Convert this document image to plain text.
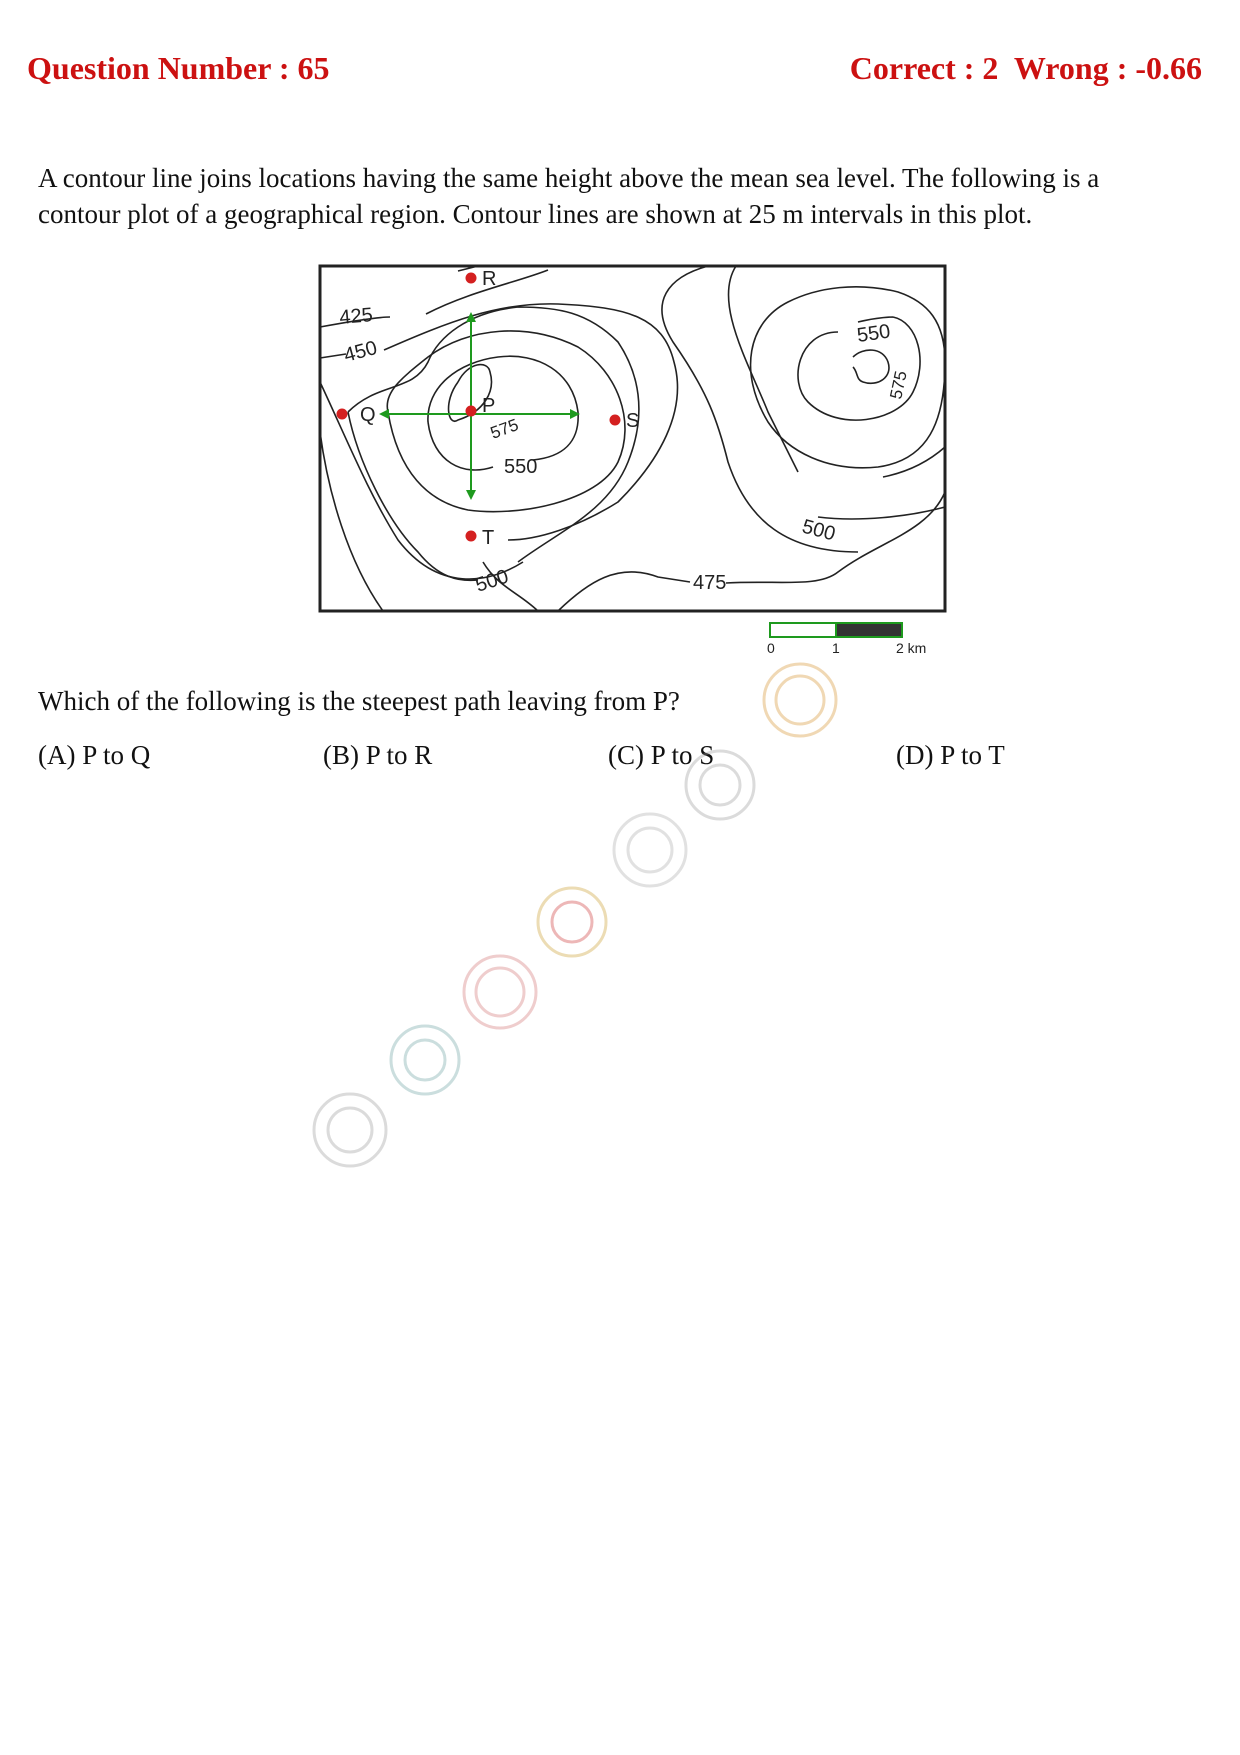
Question Number : 65	Correct : 2 Wrong : -0.66

A contour line joins locations having the same height above the mean sea level. The following is a

contour plot of a geographical region. Contour lines are shown at 25 m intervals in this plot.

425
450
500	475
500
550
575
550
575
R
Q	P
S
T
0	1	2 km
Which of the following is the steepest path leaving from P?
(A) P to Q	(B) P to R	(C) P to S	(D) P to T
